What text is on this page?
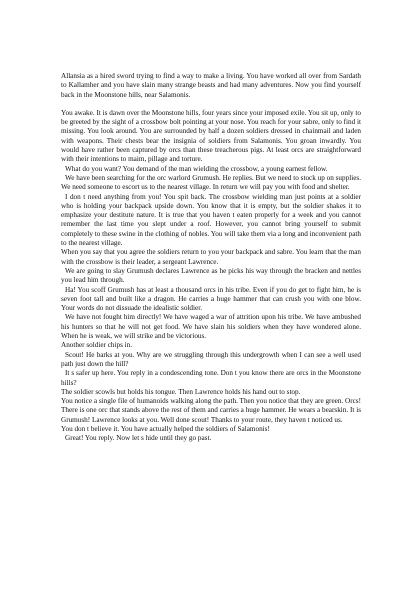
Allansia as a hired sword trying to find a way to make a living. You have worked all over from Sardath to Kallamher and you have slain many strange beasts and had many adventures. Now you find yourself back in the Moonstone hills, near Salamonis.

You awake. It is dawn over the Moonstone hills, four years since your imposed exile. You sit up, only to be greeted by the sight of a crossbow bolt pointing at your nose. You reach for your sabre, only to find it missing. You look around. You are surrounded by half a dozen soldiers dressed in chainmail and laden with weapons. Their chests bear the insignia of soldiers from Salamonis. You groan inwardly. You would have rather been captured by orcs than these treacherous pigs. At least orcs are straightforward with their intentions to maim, pillage and torture.

What do you want? You demand of the man wielding the crossbow, a young earnest fellow.

We have been searching for the orc warlord Grumush. He replies. But we need to stock up on supplies. We need someone to escort us to the nearest village. In return we will pay you with food and shelter.

I don t need anything from you! You spit back. The crossbow wielding man just points at a soldier who is holding your backpack upside down. You know that it is empty, but the soldier shakes it to emphasize your destitute nature. It is true that you haven t eaten properly for a week and you cannot remember the last time you slept under a roof. However, you cannot bring yourself to submit completely to these swine in the clothing of nobles. You will take them via a long and inconvenient path to the nearest village.

When you say that you agree the soldiers return to you your backpack and sabre. You learn that the man with the crossbow is their leader, a sergeant Lawrence.

We are going to slay Grumush declares Lawrence as he picks his way through the bracken and nettles you lead him through.

Ha! You scoff Grumush has at least a thousand orcs in his tribe. Even if you do get to fight him, he is seven foot tall and built like a dragon. He carries a huge hammer that can crush you with one blow. Your words do not dissuade the idealistic soldier.

We have not fought him directly! We have waged a war of attrition upon his tribe. We have ambushed his hunters so that he will not get food. We have slain his soldiers when they have wondered alone. When he is weak, we will strike and be victorious.

Another soldier chips in.

Scout! He barks at you. Why are we struggling through this undergrowth when I can see a well used path just down the hill?

It s safer up here. You reply in a condescending tone. Don t you know there are orcs in the Moonstone hills?

The soldier scowls but holds his tongue. Then Lawrence holds his hand out to stop.

You notice a single file of humanoids walking along the path. Then you notice that they are green. Orcs! There is one orc that stands above the rest of them and carries a huge hammer. He wears a bearskin. It is Grumush! Lawrence looks at you. Well done scout! Thanks to your route, they haven t noticed us.

You don t believe it. You have actually helped the soldiers of Salamonis!

Great! You reply. Now let s hide until they go past.
